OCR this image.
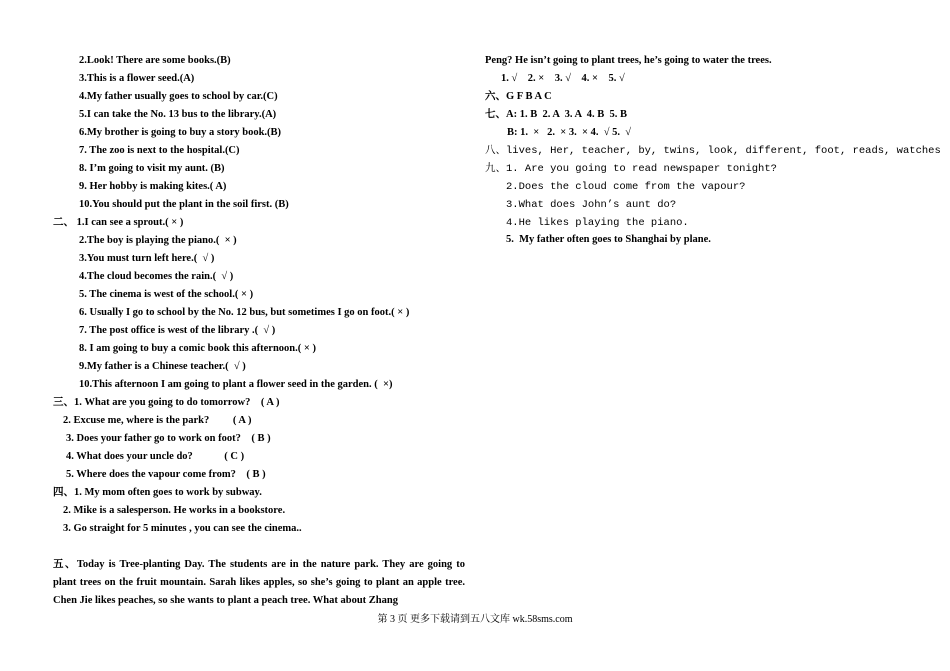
2.Look! There are some books.(B)
3.This is a flower seed.(A)
4.My father usually goes to school by car.(C)
5.I can take the No. 13 bus to the library.(A)
6.My brother is going to buy a story book.(B)
7. The zoo is next to the hospital.(C)
8. I’m going to visit my aunt. (B)
9. Her hobby is making kites.( A)
10.You should put the plant in the soil first. (B)
二、 1.I can see a sprout.( × )
2.The boy is playing the piano.(  × )
3.You must turn left here.(  √ )
4.The cloud becomes the rain.(  √ )
5. The cinema is west of the school.( × )
6. Usually I go to school by the No. 12 bus, but sometimes I go on foot.( × )
7. The post office is west of the library .(  √ )
8. I am going to buy a comic book this afternoon.( × )
9.My father is a Chinese teacher.(  √ )
10.This afternoon I am going to plant a flower seed in the garden. (  ×)
三、1. What are you going to do tomorrow?    ( A )
2. Excuse me, where is the park?         ( A )
3. Does your father go to work on foot?    ( B )
4. What does your uncle do?            ( C )
5. Where does the vapour come from?    ( B )
四、1. My mom often goes to work by subway.
2. Mike is a salesperson. He works in a bookstore.
3. Go straight for 5 minutes , you can see the cinema..
五、Today is Tree-planting Day. The students are in the nature park. They are going to plant trees on the fruit mountain. Sarah likes apples, so she’s going to plant an apple tree. Chen Jie likes peaches, so she wants to plant a peach tree. What about Zhang
Peng? He isn’t going to plant trees, he’s going to water the trees.
1. √    2. ×    3. √    4. ×    5. √
六、G F B A C
七、A: 1. B  2. A  3. A  4. B  5. B
B: 1.  ×   2.  × 3.  × 4.  √ 5.  √
八、lives, Her, teacher, by, twins, look, different, foot, reads, watches
九、1. Are you going to read newspaper tonight?
2.Does the cloud come from the vapour?
3.What does John’s aunt do?
4.He likes playing the piano.
5.  My father often goes to Shanghai by plane.
第 3 页 更多下载请到五八文库 wk.58sms.com
